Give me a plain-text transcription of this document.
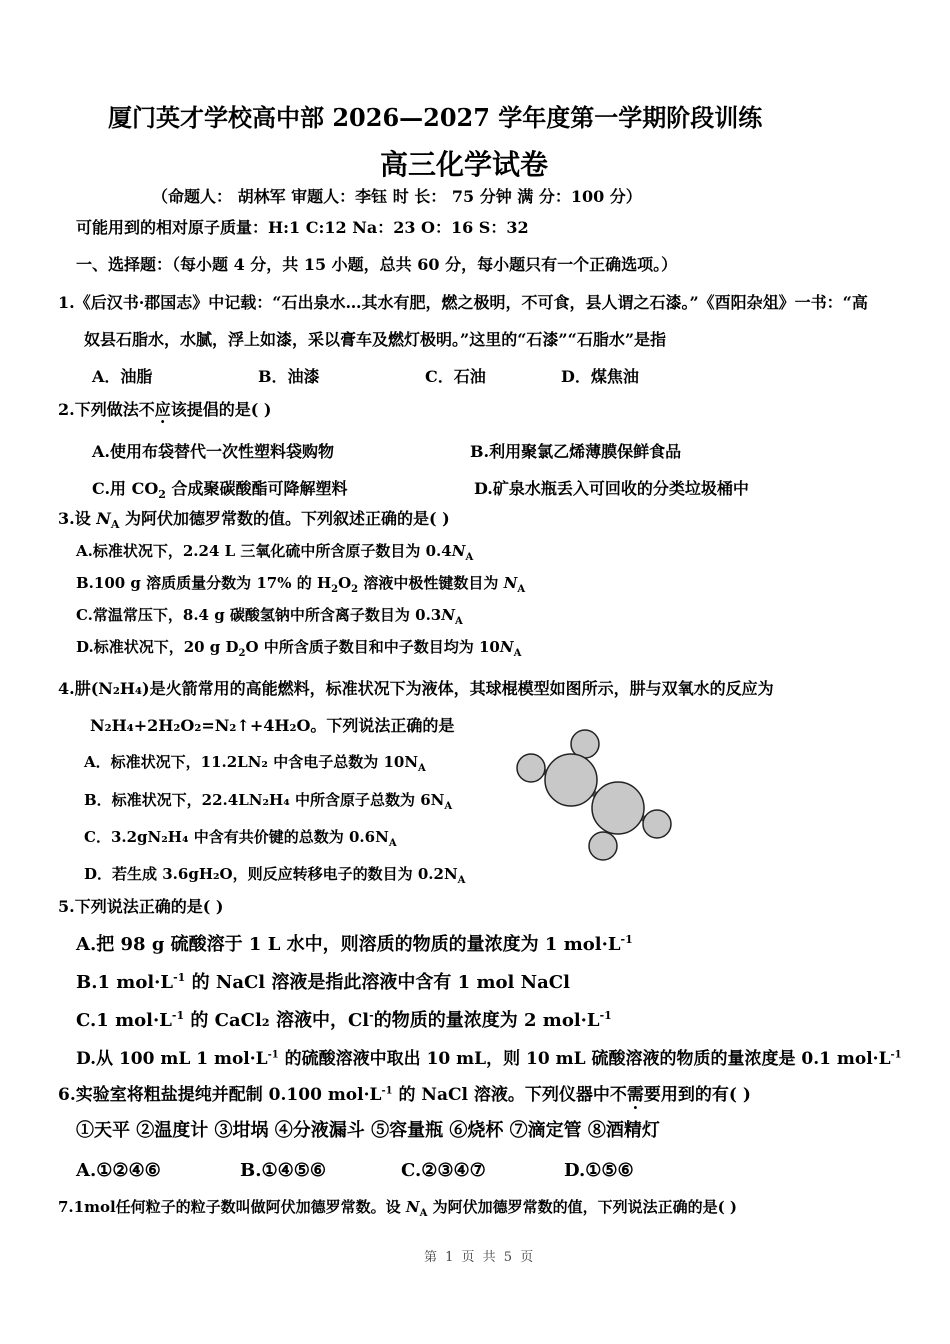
厦门英才学校高中部 2026—2027 学年度第一学期阶段训练
高三化学试卷
（命题人： 胡林军 审题人：李钰 时 长： 75 分钟 满 分：100 分）
可能用到的相对原子质量：H:1 C:12 Na：23 O：16 S：32
一、选择题：（每小题 4 分，共 15 小题，总共 60 分，每小题只有一个正确选项。）
1.《后汉书·郡国志》中记载：“石出泉水…其水有肥，燃之极明，不可食，县人谓之石漆。”《酉阳杂俎》一书：“高
奴县石脂水，水腻，浮上如漆，采以膏车及燃灯极明。”这里的“石漆”“石脂水”是指
A．油脂	B．油漆	C．石油	D．煤焦油
2.下列做法不应该提倡的是( )
A.使用布袋替代一次性塑料袋购物	B.利用聚氯乙烯薄膜保鲜食品
C.用 $CO_2$ 合成聚碳酸酯可降解塑料	D.矿泉水瓶丢入可回收的分类垃圾桶中
3.设 $N_A$ 为阿伏加德罗常数的值。下列叙述正确的是( )
A.标准状况下，2.24 L 三氧化硫中所含原子数目为 $0.4N_A$
B.100 g 溶质质量分数为 17% 的 $H_2O_2$ 溶液中极性键数目为 $N_A$
C.常温常压下，8.4 g 碳酸氢钠中所含离子数目为 $0.3N_A$
D.标准状况下，20 g $D_2O$ 中所含质子数目和中子数目均为 $10N_A$
4.肼(N₂H₄)是火箭常用的高能燃料，标准状况下为液体，其球棍模型如图所示，肼与双氧水的反应为
N₂H₄+2H₂O₂=N₂↑+4H₂O。下列说法正确的是
A．标准状况下，11.2LN₂ 中含电子总数为 $10N_A$
B．标准状况下，22.4LN₂H₄ 中所含原子总数为 $6N_A$
C．3.2gN₂H₄ 中含有共价键的总数为 $0.6N_A$
D．若生成 3.6gH₂O，则反应转移电子的数目为 $0.2N_A$
5.下列说法正确的是( )
A.把 98 g 硫酸溶于 1 L 水中，则溶质的物质的量浓度为 1 $mol\cdot L^{-1}$
B.1 $mol\cdot L^{-1}$ 的 NaCl 溶液是指此溶液中含有 1 mol NaCl
C.1 $mol\cdot L^{-1}$ 的 CaCl₂ 溶液中，Cl-的物质的量浓度为 2 $mol\cdot L^{-1}$
D.从 100 mL 1 $mol\cdot L^{-1}$ 的硫酸溶液中取出 10 mL，则 10 mL 硫酸溶液的物质的量浓度是 0.1 $mol\cdot L^{-1}$
6.实验室将粗盐提纯并配制 0.100 $mol\cdot L^{-1}$ 的 NaCl 溶液。下列仪器中不需要用到的有( )
①天平 ②温度计 ③坩埚 ④分液漏斗 ⑤容量瓶 ⑥烧杯 ⑦滴定管 ⑧酒精灯
A.①②④⑥	B.①④⑤⑥	C.②③④⑦	D.①⑤⑥
7.1mol任何粒子的粒子数叫做阿伏加德罗常数。设 $N_A$ 为阿伏加德罗常数的值，下列说法正确的是( )
第 1 页 共 5 页
